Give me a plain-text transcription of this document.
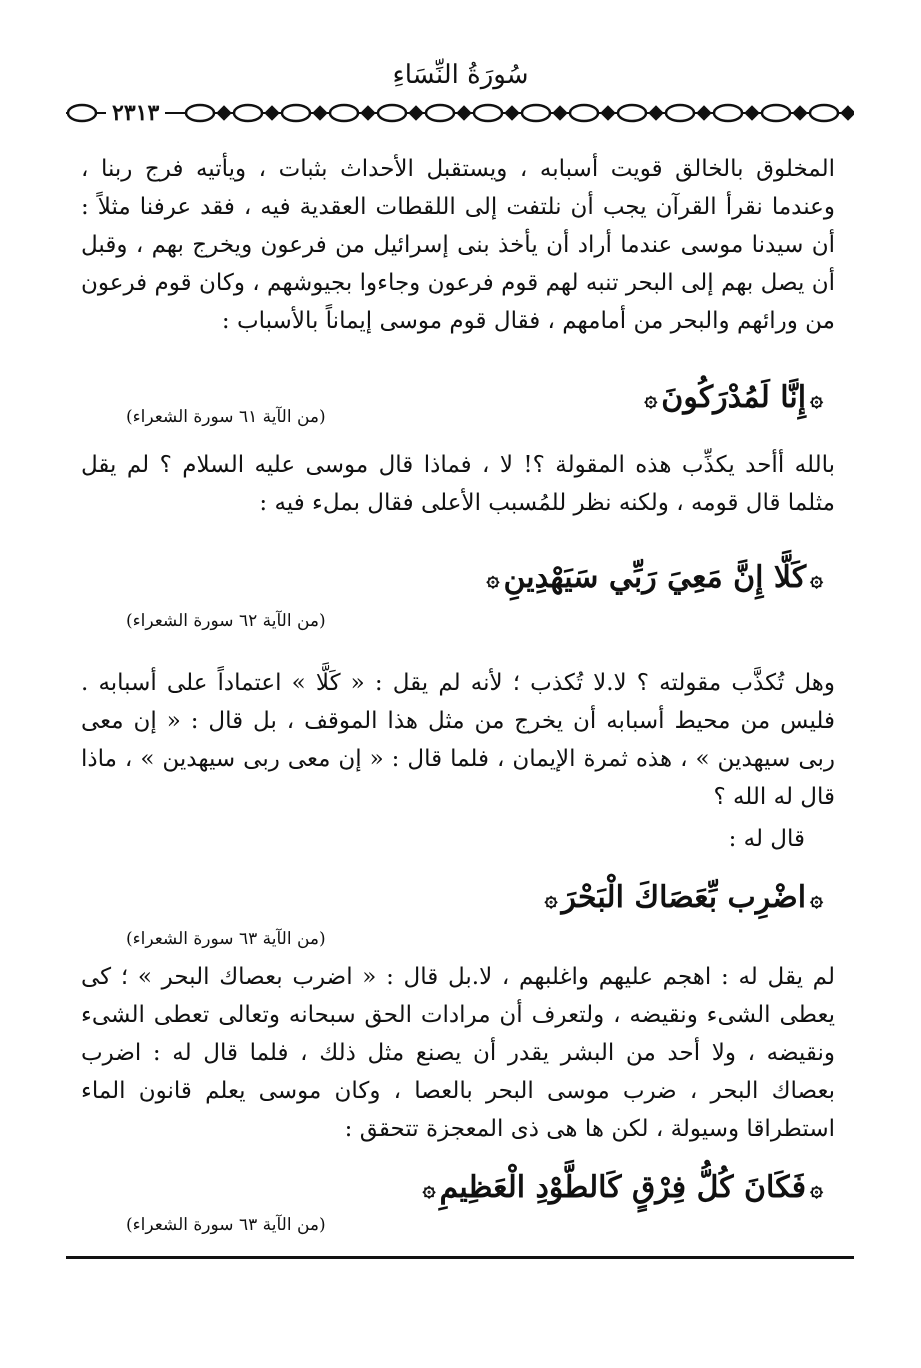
سُورَةُ النِّسَاءِ
٢٣١٣

المخلوق بالخالق قويت أسبابه ، ويستقبل الأحداث بثبات ، ويأتيه فرج ربنا ، وعندما نقرأ القرآن يجب أن نلتفت إلى اللقطات العقدية فيه ، فقد عرفنا مثلاً : أن سيدنا موسى عندما أراد أن يأخذ بنى إسرائيل من فرعون ويخرج بهم ، وقبل أن يصل بهم إلى البحر تنبه لهم قوم فرعون وجاءوا بجيوشهم ، وكان قوم فرعون من ورائهم والبحر من أمامهم ، فقال قوم موسى إيماناً بالأسباب :

۞إِنَّا لَمُدْرَكُونَ۞
(من الآية ٦١ سورة الشعراء)

بالله أأحد يكذِّب هذه المقولة ؟! لا ، فماذا قال موسى عليه السلام ؟ لم يقل مثلما قال قومه ، ولكنه نظر للمُسبب الأعلى فقال بملء فيه :

۞كَلَّا إِنَّ مَعِيَ رَبِّي سَيَهْدِينِ۞
(من الآية ٦٢ سورة الشعراء)

وهل تُكذَّب مقولته ؟ لا.لا تُكذب ؛ لأنه لم يقل : « كَلَّا » اعتماداً على أسبابه . فليس من محيط أسبابه أن يخرج من مثل هذا الموقف ، بل قال : « إن معى ربى سيهدين » ، هذه ثمرة الإيمان ، فلما قال : « إن معى ربى سيهدين » ، ماذا قال له الله ؟

قال له :

۞اضْرِب بِّعَصَاكَ الْبَحْرَ۞
(من الآية ٦٣ سورة الشعراء)

لم يقل له : اهجم عليهم واغلبهم ، لا.بل قال : « اضرب بعصاك البحر » ؛ كى يعطى الشىء ونقيضه ، ولتعرف أن مرادات الحق سبحانه وتعالى تعطى الشىء ونقيضه ، ولا أحد من البشر يقدر أن يصنع مثل ذلك ، فلما قال له : اضرب بعصاك البحر ، ضرب موسى البحر بالعصا ، وكان موسى يعلم قانون الماء استطراقا وسيولة ، لكن ها هى ذى المعجزة تتحقق :

۞فَكَانَ كُلُّ فِرْقٍ كَالطَّوْدِ الْعَظِيمِ۞
(من الآية ٦٣ سورة الشعراء)
